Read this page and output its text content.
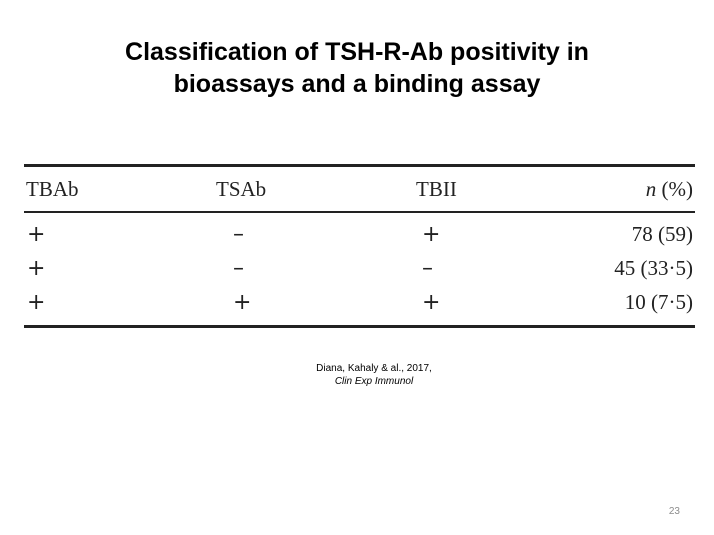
Classification of TSH-R-Ab positivity in
bioassays and a binding assay
TBAb	TSAb	TBII	n (%)
+	–	+	78 (59)
+	–	–	45 (33·5)
+	+	+	10 (7·5)
Diana, Kahaly & al., 2017,
Clin Exp Immunol
23
